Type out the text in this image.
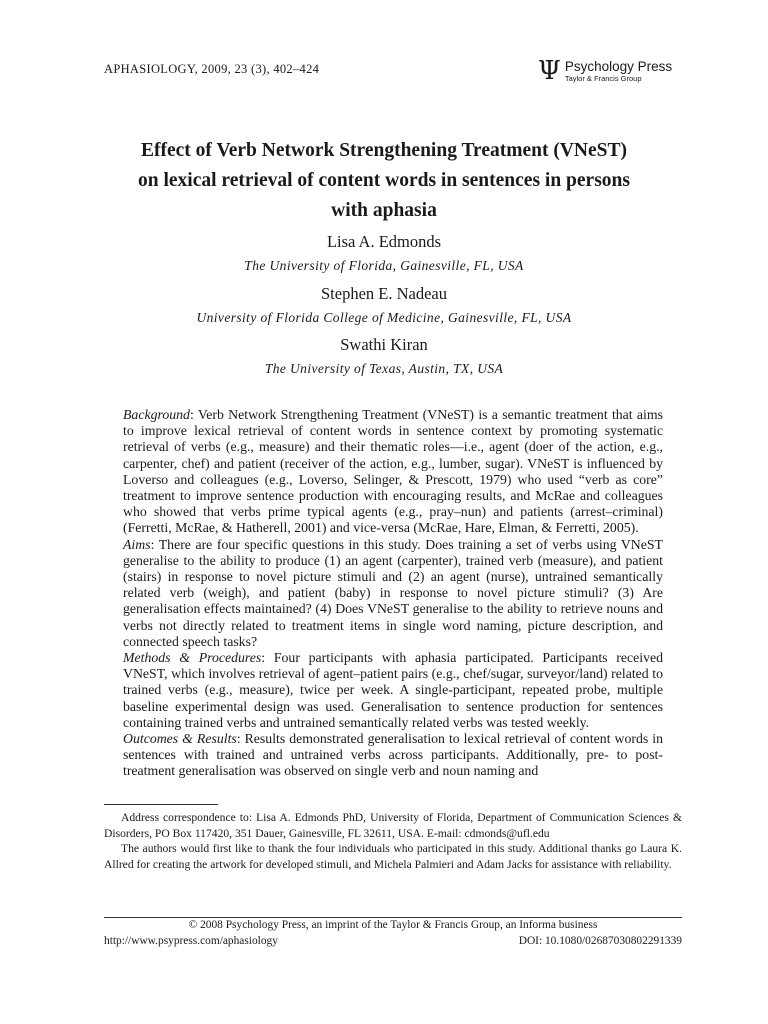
APHASIOLOGY, 2009, 23 (3), 402–424	Ψ Psychology Press
Taylor & Francis Group
Effect of Verb Network Strengthening Treatment (VNeST)
on lexical retrieval of content words in sentences in persons
with aphasia
Lisa A. Edmonds
The University of Florida, Gainesville, FL, USA
Stephen E. Nadeau
University of Florida College of Medicine, Gainesville, FL, USA
Swathi Kiran
The University of Texas, Austin, TX, USA

Background: Verb Network Strengthening Treatment (VNeST) is a semantic treatment that aims to improve lexical retrieval of content words in sentence context by promoting systematic retrieval of verbs (e.g., measure) and their thematic roles—i.e., agent (doer of the action, e.g., carpenter, chef) and patient (receiver of the action, e.g., lumber, sugar). VNeST is influenced by Loverso and colleagues (e.g., Loverso, Selinger, & Prescott, 1979) who used “verb as core” treatment to improve sentence production with encouraging results, and McRae and colleagues who showed that verbs prime typical agents (e.g., pray–nun) and patients (arrest–criminal) (Ferretti, McRae, & Hatherell, 2001) and vice-versa (McRae, Hare, Elman, & Ferretti, 2005).

Aims: There are four specific questions in this study. Does training a set of verbs using VNeST generalise to the ability to produce (1) an agent (carpenter), trained verb (measure), and patient (stairs) in response to novel picture stimuli and (2) an agent (nurse), untrained semantically related verb (weigh), and patient (baby) in response to novel picture stimuli? (3) Are generalisation effects maintained? (4) Does VNeST generalise to the ability to retrieve nouns and verbs not directly related to treatment items in single word naming, picture description, and connected speech tasks?

Methods & Procedures: Four participants with aphasia participated. Participants received VNeST, which involves retrieval of agent–patient pairs (e.g., chef/sugar, surveyor/land) related to trained verbs (e.g., measure), twice per week. A single-participant, repeated probe, multiple baseline experimental design was used. Generalisation to sentence production for sentences containing trained verbs and untrained semantically related verbs was tested weekly.

Outcomes & Results: Results demonstrated generalisation to lexical retrieval of content words in sentences with trained and untrained verbs across participants. Additionally, pre- to post-treatment generalisation was observed on single verb and noun naming and

Address correspondence to: Lisa A. Edmonds PhD, University of Florida, Department of Communication Sciences & Disorders, PO Box 117420, 351 Dauer, Gainesville, FL 32611, USA. E-mail: cdmonds@ufl.edu

The authors would first like to thank the four individuals who participated in this study. Additional thanks go Laura K. Allred for creating the artwork for developed stimuli, and Michela Palmieri and Adam Jacks for assistance with reliability.

© 2008 Psychology Press, an imprint of the Taylor & Francis Group, an Informa business
http://www.psypress.com/aphasiology	DOI: 10.1080/02687030802291339
